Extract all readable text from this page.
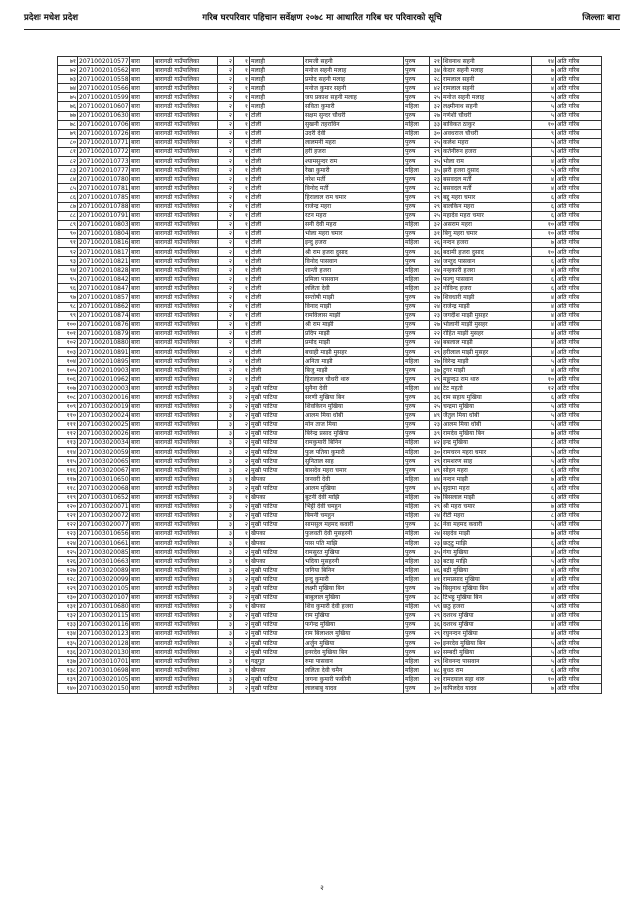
प्रदेशः मधेश प्रदेश	गरिब घरपरिवार पहिचान सर्वेक्षण २०७८ मा आधारित गरिब घर परिवारको सूचि	जिल्लाः बारा
७१	2071002010577	बारा	बारागढी गाउँपालिका	२	१	मलाही	रामजी सहनी	पुरुष	२१	शिवनाथ सहनी	१४	अति गरिब
७२	2071002010562	बारा	बारागढी गाउँपालिका	२	१	मलाही	मनोज सहनी मलाह	पुरुष	३४	केदार सहनी मलाह	७	अति गरिब
७३	2071002010558	बारा	बारागढी गाउँपालिका	२	१	मलाही	प्रमोद सहनी मलाह	पुरुष	२८	रामलाल सहनी	४	अति गरिब
७४	2071002010566	बारा	बारागढी गाउँपालिका	२	१	मलाही	मनोज कुमार सहनी	पुरुष	४२	रामलाल सहनी	४	अति गरिब
७५	2071002010599	बारा	बारागढी गाउँपालिका	२	१	मलाही	जय प्रकाश सहनी मलाह	पुरुष	२५	मनोज सहनी मलाह	५	अति गरिब
७६	2071002010607	बारा	बारागढी गाउँपालिका	२	१	मलाही	सविता कुमारी	महिला	३२	लक्ष्मीनाथ सहनी	५	अति गरिब
७७	2071002010630	बारा	बारागढी गाउँपालिका	२	१	टोली	सक्षम सुन्दर चौधरी	पुरुष	२७	गणेशी चौधरी	५	अति गरिब
७८	2071002010706	बारा	बारागढी गाउँपालिका	२	१	टोली	सुखनी तहराविन	महिला	३३	बाविकत ठाकुर	१०	अति गरिब
७९	2071002010726	बारा	बारागढी गाउँपालिका	२	१	टोली	उदरी देवी	महिला	३०	अवधराज चौधरी	९	अति गरिब
८०	2071002010771	बारा	बारागढी गाउँपालिका	२	१	टोली	लालमनी महरा	पुरुष	२५	कलेश महरा	५	अति गरिब
८१	2071002010772	बारा	बारागढी गाउँपालिका	२	१	टोली	हरी हजरा	पुरुष	२९	कर्तनीरुन हजरा	५	अति गरिब
८२	2071002010773	बारा	बारागढी गाउँपालिका	२	१	टोली	श्यामसुन्दर राम	पुरुष	२५	भोला राम	४	अति गरिब
८३	2071002010777	बारा	बारागढी गाउँपालिका	२	१	टोली	रेखा कुमारी	महिला	३५	झरी हजरा दुसाद	५	अति गरिब
८४	2071002010780	बारा	बारागढी गाउँपालिका	२	१	टोली	नरेश मर्ती	पुरुष	२३	बसवदल मर्ती	४	अति गरिब
८५	2071002010781	बारा	बारागढी गाउँपालिका	२	१	टोली	विनोद मर्ती	पुरुष	२८	बसवदल मर्ती	४	अति गरिब
८६	2071002010785	बारा	बारागढी गाउँपालिका	२	१	टोली	हिरालाल राम चमार	पुरुष	२९	बद्दु महरा चमार	६	अति गरिब
८७	2071002010788	बारा	बारागढी गाउँपालिका	२	१	टोली	राजेन्द्र महरा	पुरुष	२९	बालकिन महरा	६	अति गरिब
८८	2071002010791	बारा	बारागढी गाउँपालिका	२	१	टोली	रटन महरा	पुरुष	२५	महादेव महरा चमार	६	अति गरिब
८९	2071002010803	बारा	बारागढी गाउँपालिका	२	१	टोली	सनी देवी महरा	महिला	३२	असराम महरा	१०	अति गरिब
९०	2071002010804	बारा	बारागढी गाउँपालिका	२	१	टोली	भोला महरा चमार	पुरुष	३१	बिगु महरा चमार	१०	अति गरिब
९१	2071002010816	बारा	बारागढी गाउँपालिका	२	१	टोली	इन्दु हजरा	महिला	२६	नन्दन हजरा	७	अति गरिब
९२	2071002010817	बारा	बारागढी गाउँपालिका	२	१	टोली	श्री राम हजरा दुसाद	पुरुष	३६	बदामी हजरा दुसाद	१०	अति गरिब
९३	2071002010821	बारा	बारागढी गाउँपालिका	२	१	टोली	विनोद पासवान	पुरुष	२४	जन्तुद पासवान	६	अति गरिब
९४	2071002010828	बारा	बारागढी गाउँपालिका	२	१	टोली	शान्ती हजरा	महिला	२४	नन्हकारी हजरा	४	अति गरिब
९५	2071002010842	बारा	बारागढी गाउँपालिका	२	१	टोली	प्रमिला पासवान	महिला	२०	फल्गु पासवान	६	अति गरिब
९६	2071002010847	बारा	बारागढी गाउँपालिका	२	१	टोली	ललिता देवी	महिला	३२	गोविन्द हजरा	६	अति गरिब
९७	2071002010857	बारा	बारागढी गाउँपालिका	२	१	टोली	सन्तोषी माझी	पुरुष	२७	शिवधारी माझी	४	अति गरिब
९८	2071002010862	बारा	बारागढी गाउँपालिका	२	१	टोली	विनाद माझी	पुरुष	२४	राजेन्द्र माझी	४	अति गरिब
९९	2071002010874	बारा	बारागढी गाउँपालिका	२	१	टोली	रामविलास माझी	पुरुष	२३	जगदीश माझी मुसहर	४	अति गरिब
१००	2071002010876	बारा	बारागढी गाउँपालिका	२	१	टोली	श्री राम माझी	पुरुष	२७	भोलानी माझी मुसहर	४	अति गरिब
१०१	2071002010879	बारा	बारागढी गाउँपालिका	२	१	टोली	प्रदिप माझी	पुरुष	२२	रोहित माझी मुसहर	४	अति गरिब
१०२	2071002010880	बारा	बारागढी गाउँपालिका	२	१	टोली	प्रमोद माझी	पुरुष	२४	बबलाल माझी	४	अति गरिब
१०३	2071002010891	बारा	बारागढी गाउँपालिका	२	१	टोली	बचाही माझी मुसहर	पुरुष	२९	हरीलाल माझी मुसहर	४	अति गरिब
१०४	2071002010895	बारा	बारागढी गाउँपालिका	२	१	टोली	अनिता माझी	महिला	२७	विरेन्द्र माझी	५	अति गरिब
१०५	2071002010903	बारा	बारागढी गाउँपालिका	२	१	टोली	बिजु माझी	पुरुष	३७	टुगर माझी	४	अति गरिब
१०६	2071002010962	बारा	बारागढी गाउँपालिका	२	१	टोली	हिरालाल चौधरी थारु	पुरुष	२९	मङ्गुन्दउ राम थारु	१०	अति गरिब
१०७	2071003020003	बारा	बारागढी गाउँपालिका	३	२	मुखी पाटिया	सुनैना देवी	महिला	४४	टेट महतो	१२	अति गरिब
१०८	2071003020016	बारा	बारागढी गाउँपालिका	३	२	मुखी पाटिया	सरणी मुखिया बिन	पुरुष	३६	राम सहाय मुखिया	६	अति गरिब
१०९	2071003020019	बारा	बारागढी गाउँपालिका	३	२	मुखी पाटिया	शिवकिरन मुखिया	पुरुष	२५	चन्द्रमा मुखिया	५	अति गरिब
११०	2071003020024	बारा	बारागढी गाउँपालिका	३	२	मुखी पाटिया	आलम मिया धोबी	पुरुष	४९	जैतुल मिया धोबी	५	अति गरिब
१११	2071003020025	बारा	बारागढी गाउँपालिका	३	२	मुखी पाटिया	मोन ताज मिया	पुरुष	२३	आलम मिया धोबी	५	अति गरिब
११२	2071003020026	बारा	बारागढी गाउँपालिका	३	२	मुखी पाटिया	बिरेन्द्र प्रसाद मुखिया	पुरुष	३९	रामदेव मुखिया बिन	७	अति गरिब
११३	2071003020034	बारा	बारागढी गाउँपालिका	३	२	मुखी पाटिया	रामकुमारी बिनिन	महिला	४२	इन्द्र मुखिया	८	अति गरिब
११४	2071003020059	बारा	बारागढी गाउँपालिका	३	२	मुखी पाटिया	फुल पतिया कुमारी	महिला	३०	रामचरन महरा चमार	५	अति गरिब
११५	2071003020065	बारा	बारागढी गाउँपालिका	३	२	मुखी पाटिया	सुनिताल साह	पुरुष	२९	रामशरण साह	५	अति गरिब
११६	2071003020067	बारा	बारागढी गाउँपालिका	३	२	मुखी पाटिया	बासदेव महरा चमार	पुरुष	४९	सोहन महरा	६	अति गरिब
११७	2071003010650	बारा	बारागढी गाउँपालिका	३	१	खैपका	जनवरी देवी	महिला	४४	नन्दन माझी	७	अति गरिब
११८	2071003020068	बारा	बारागढी गाउँपालिका	३	२	मुखी पाटिया	आलम मुखिया	पुरुष	४५	सुदामा महरा	६	अति गरिब
११९	2071003010652	बारा	बारागढी गाउँपालिका	३	१	खैपका	बुटनी देवी माझि	महिला	२७	बिसलाल माझी	६	अति गरिब
१२०	2071003020071	बारा	बारागढी गाउँपालिका	३	२	मुखी पाटिया	भिट्टी देवी चमहुन	महिला	२९	श्री महरा चमार	७	अति गरिब
१२१	2071003020072	बारा	बारागढी गाउँपालिका	३	२	मुखी पाटिया	बिमनी चमहुन	महिला	२४	रीटी महरा	८	अति गरिब
१२२	2071003020077	बारा	बारागढी गाउँपालिका	३	२	मुखी पाटिया	सामसुल महमद कवारी	पुरुष	३८	नेवा महमद कवारी	५	अति गरिब
१२३	2071003010656	बारा	बारागढी गाउँपालिका	३	१	खैपका	फुलवती देवी मुसहरनी	महिला	२४	सहदेव माझी	७	अति गरिब
१२४	2071003010661	बारा	बारागढी गाउँपालिका	३	१	खैपका	पास पति माझि	महिला	२३	छठ्टु माझि	६	अति गरिब
१२५	2071003020085	बारा	बारागढी गाउँपालिका	३	२	मुखी पाटिया	रामसुरत मुखिया	पुरुष	३५	गंगा मुखिया	४	अति गरिब
१२६	2071003010663	बारा	बारागढी गाउँपालिका	३	१	खैपका	भदिया मुसहरनी	महिला	३३	बटाइ माझि	५	अति गरिब
१२७	2071003020089	बारा	बारागढी गाउँपालिका	३	२	मुखी पाटिया	जगिया बिनिन	महिला	४६	बद्री मुखिया	४	अति गरिब
१२८	2071003020099	बारा	बारागढी गाउँपालिका	३	२	मुखी पाटिया	इन्दु कुमारी	महिला	४१	रामप्रसाद मुखिया	४	अति गरिब
१२९	2071003020105	बारा	बारागढी गाउँपालिका	३	२	मुखी पाटिया	लक्ष्मी मुखिया बिन	पुरुष	२७	बिसुनाथ मुखिया बिन	४	अति गरिब
१३०	2071003020107	बारा	बारागढी गाउँपालिका	३	२	मुखी पाटिया	बाबुलाल मुखिया	पुरुष	३८	टिभट्टु मुखिया बिन	४	अति गरिब
१३१	2071003010680	बारा	बारागढी गाउँपालिका	३	१	खैपका	शिव कुमारी देवी हजरा	महिला	५९	छठु हजरा	५	अति गरिब
१३२	2071003020115	बारा	बारागढी गाउँपालिका	३	२	मुखी पाटिया	राम मुखिया	पुरुष	२९	दशरथ मुखिया	४	अति गरिब
१३३	2071003020116	बारा	बारागढी गाउँपालिका	३	२	मुखी पाटिया	फगेन्द्र मुखिया	पुरुष	३६	दशरथ मुखिया	४	अति गरिब
१३४	2071003020123	बारा	बारागढी गाउँपालिका	३	२	मुखी पाटिया	राम बिलाशल मुखिया	पुरुष	२९	रघुनन्दन मुखिया	४	अति गरिब
१३५	2071003020128	बारा	बारागढी गाउँपालिका	३	२	मुखी पाटिया	अर्जुन मुखिया	पुरुष	२०	इनरदेव मुखिया बिन	५	अति गरिब
१३६	2071003020130	बारा	बारागढी गाउँपालिका	३	२	मुखी पाटिया	इनरदेव मुखिया बिन	पुरुष	४२	सम्बदी मुखिया	५	अति गरिब
१३७	2071003010701	बारा	बारागढी गाउँपालिका	३	१	गढ्गुत	रुमा पासवान	महिला	२९	शिवनन्द पासवान	५	अति गरिब
१३८	2071003010698	बारा	बारागढी गाउँपालिका	३	१	खैपका	ललिता देवी चमैन	महिला	४८	बुधठ राम	६	अति गरिब
१३९	2071003020105	बारा	बारागढी गाउँपालिका	३	२	मुखी पाटिया	जगना कुमारी फकीनी	महिला	२१	रामदयाल सहा थारु	१०	अति गरिब
१४०	2071003020150	बारा	बारागढी गाउँपालिका	३	२	मुखी पाटिया	लालबाबु यादव	पुरुष	३०	कपिलदेव यादव	७	अति गरिब
२
